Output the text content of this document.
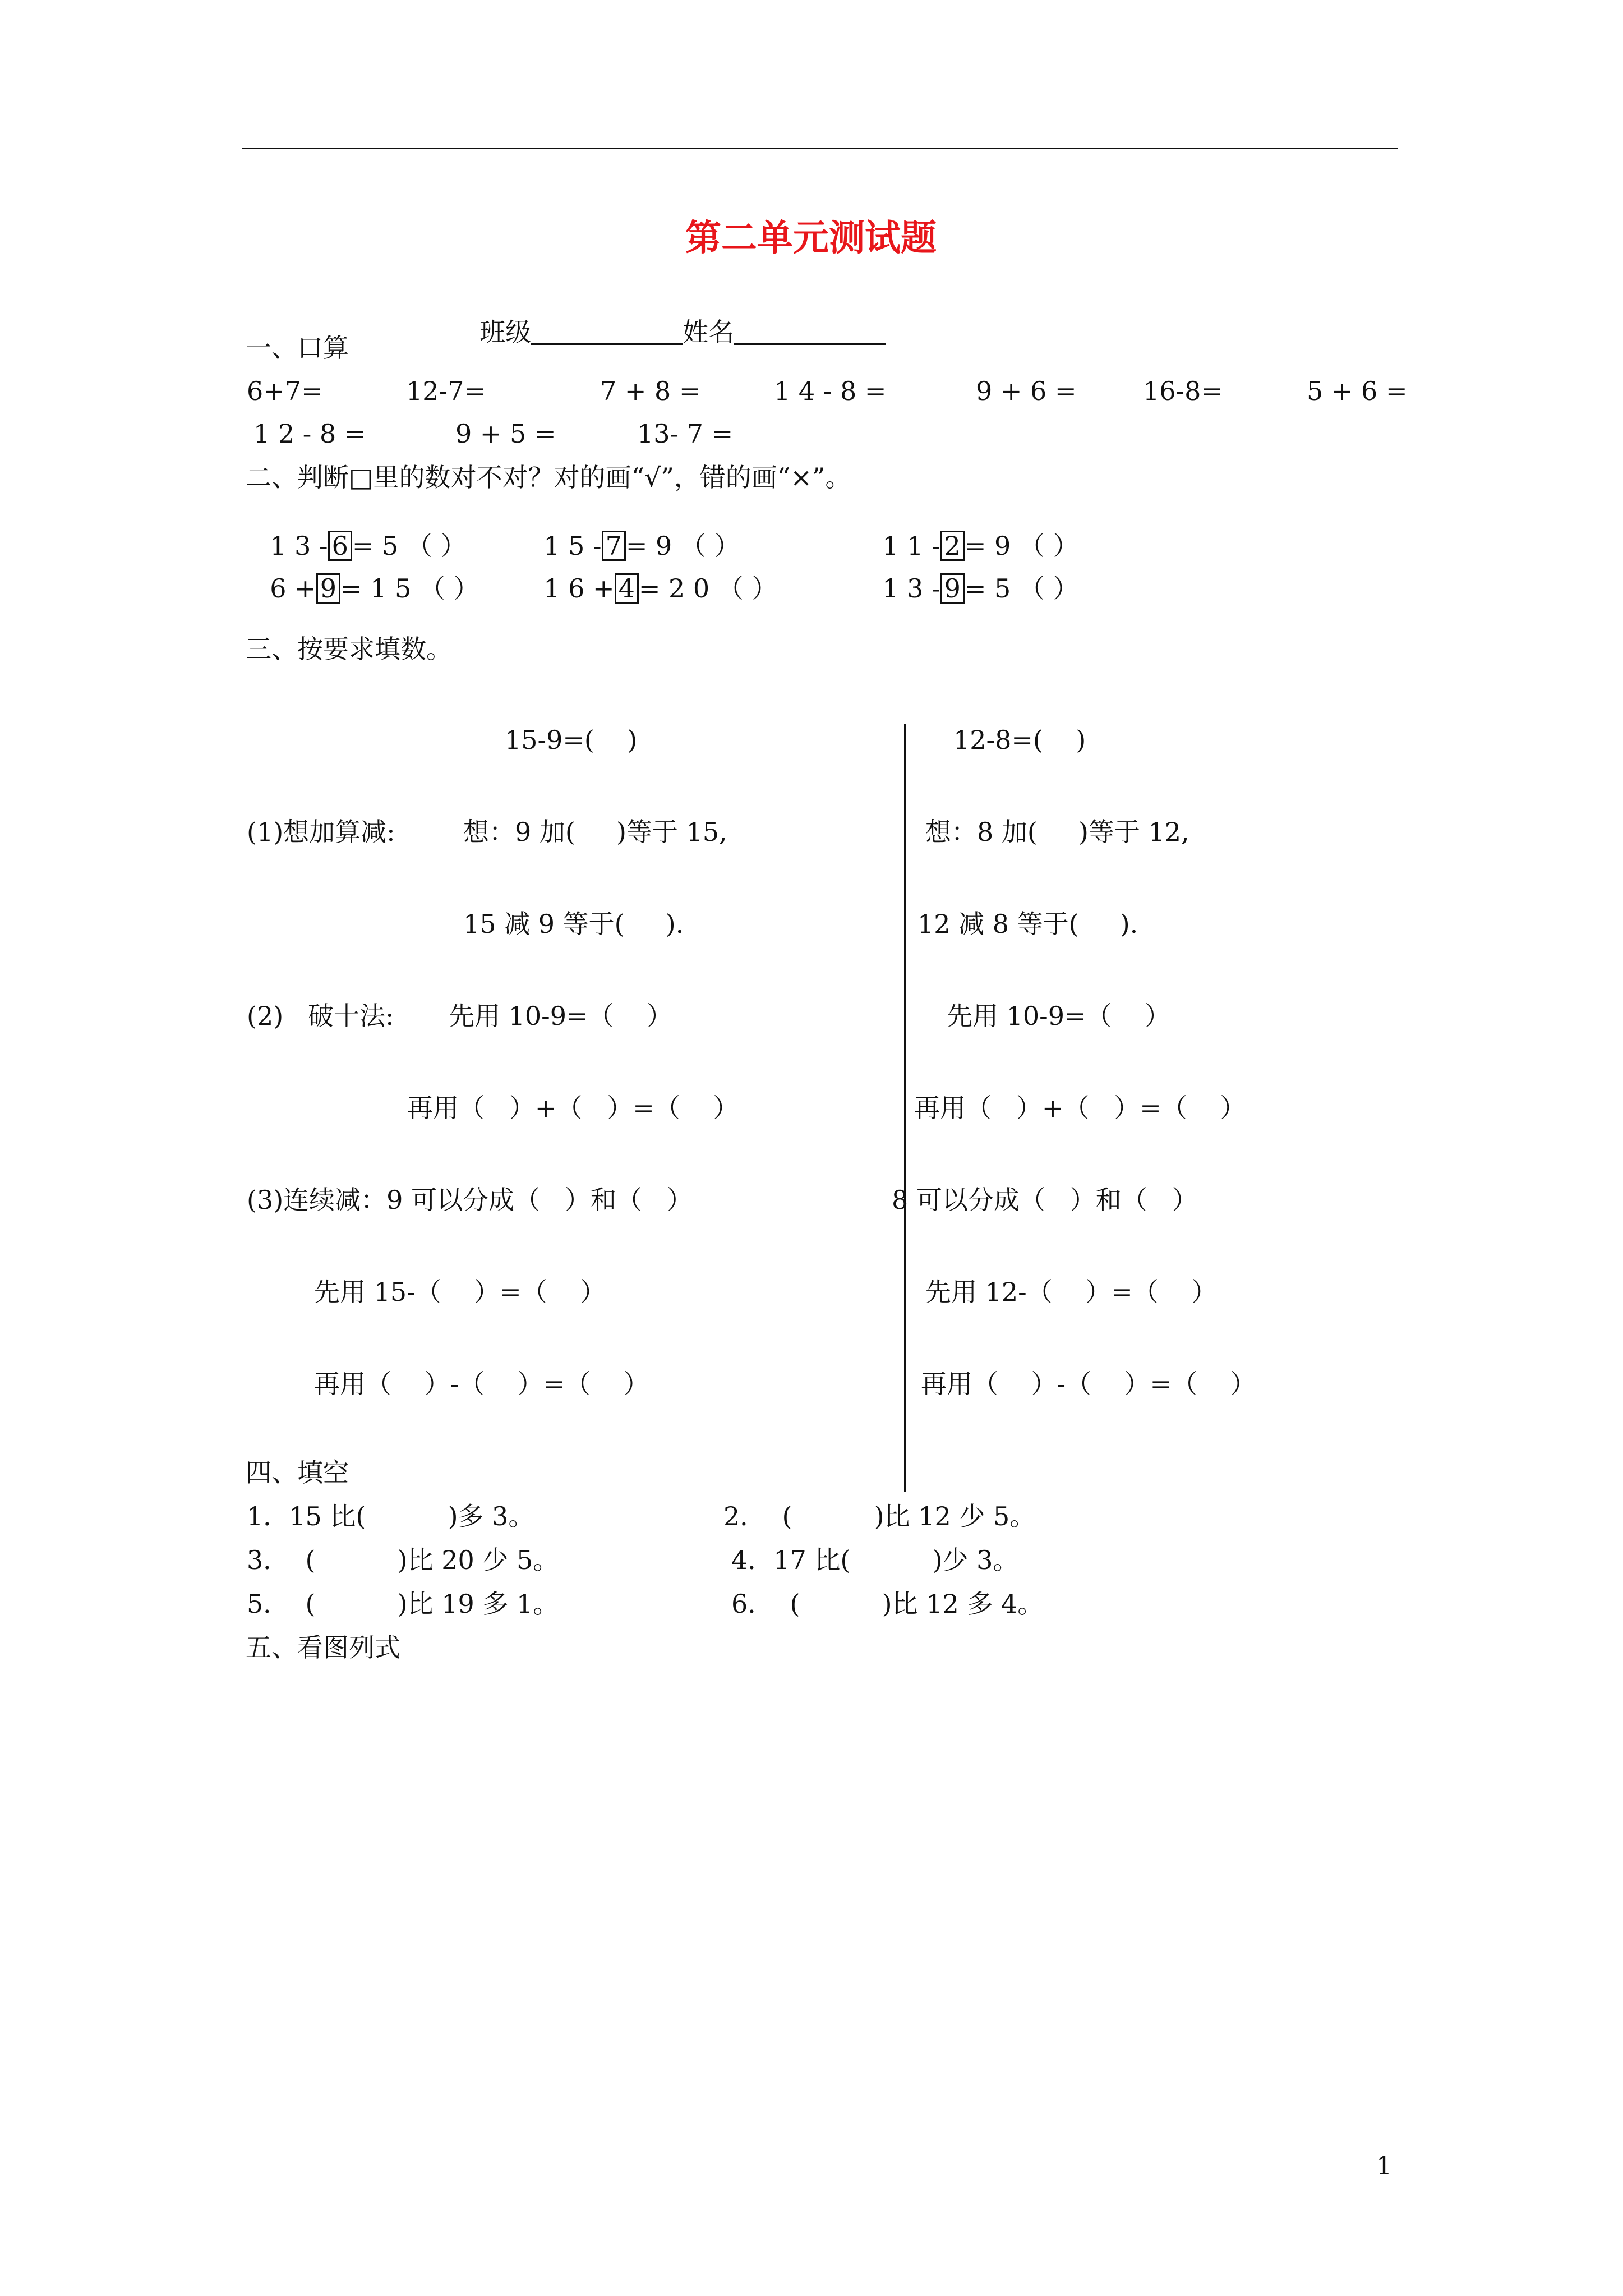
第二单元测试题

班级	姓名

一、口算
6+7=	12-7=	7 + 8 =	1 4 - 8 =	9 + 6 =	16-8=	5 + 6 =
1 2 - 8 =	9 + 5 =	13- 7 =
二、判断□里的数对不对？对的画“√”，错的画“×”。

1 3 - 6 = 5 （ ）	1 5 - 7 = 9 （ ）	1 1 - 2 = 9 （ ）

6 + 9 = 1 5 （ ）	1 6 + 4 = 2 0 （ ）	1 3 - 9 = 5 （ ）

三、按要求填数。
15-9=(    )	12-8=(    )
(1)想加算减:	想：9 加(     )等于 15,	想：8 加(     )等于 12,
15 减 9 等于(     ).	12 减 8 等于(     ).
(2)   破十法: 先用 10-9=（    ）	先用 10-9=（    ）
再用（   ）+（   ）=（    ）	再用（   ）+（   ）=（    ）
(3)连续减：9 可以分成（   ）和（   ）	8 可以分成（   ）和（   ）
先用 15-（    ）=（    ）	先用 12-（    ）=（    ）
再用（    ）-（    ）=（    ）	再用（    ）-（    ）=（    ）
四、填空
1．15 比(          )多 3。	2．  (          )比 12 少 5。
3．  (          )比 20 少 5。	4．17 比(          )少 3。
5．  (          )比 19 多 1。	6．  (          )比 12 多 4。
五、看图列式
1
